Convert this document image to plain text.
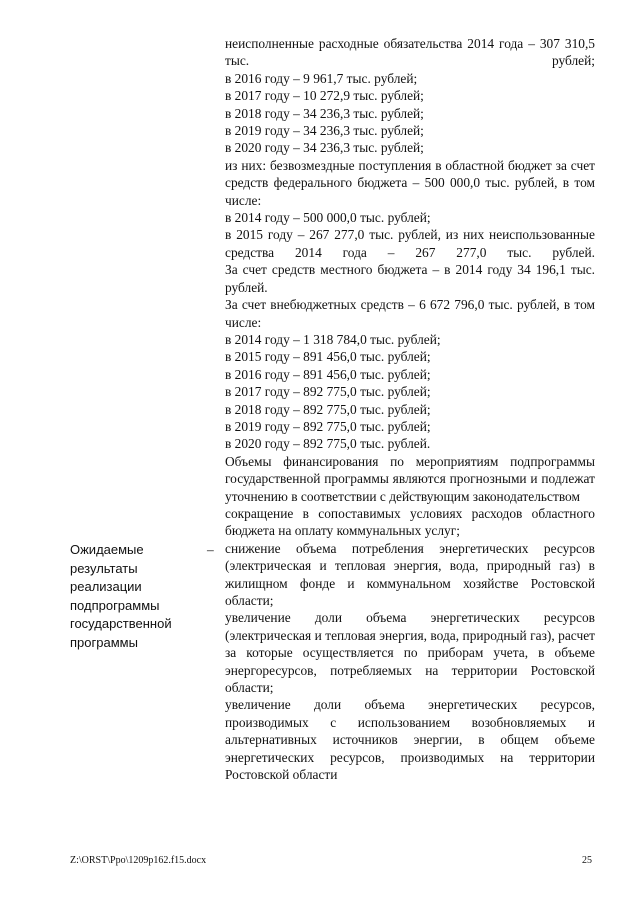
неисполненные расходные обязательства 2014 года – 307 310,5 тыс. рублей;

в 2016 году – 9 961,7 тыс. рублей;
в 2017 году – 10 272,9 тыс. рублей;
в 2018 году – 34 236,3 тыс. рублей;
в 2019 году – 34 236,3 тыс. рублей;
в 2020 году – 34 236,3 тыс. рублей;

из них: безвозмездные поступления в областной бюджет за счет средств федерального бюджета – 500 000,0 тыс. рублей, в том числе:

в 2014 году – 500 000,0 тыс. рублей;

в 2015 году – 267 277,0 тыс. рублей, из них неиспользованные средства 2014 года – 267 277,0 тыс. рублей.

За счет средств местного бюджета – в 2014 году 34 196,1 тыс. рублей.

За счет внебюджетных средств – 6 672 796,0 тыс. рублей, в том числе:

в 2014 году – 1 318 784,0 тыс. рублей;
в 2015 году – 891 456,0 тыс. рублей;
в 2016 году – 891 456,0 тыс. рублей;
в 2017 году – 892 775,0 тыс. рублей;
в 2018 году – 892 775,0 тыс. рублей;
в 2019 году – 892 775,0 тыс. рублей;
в 2020 году – 892 775,0 тыс. рублей.

Объемы финансирования по мероприятиям подпрограммы государственной программы являются прогнозными и подлежат уточнению в соответствии с действующим законодательством

сокращение в сопоставимых условиях расходов областного бюджета на оплату коммунальных услуг;

снижение объема потребления энергетических ресурсов (электрическая и тепловая энергия, вода, природный газ) в жилищном фонде и коммунальном хозяйстве Ростовской области;

увеличение доли объема энергетических ресурсов (электрическая и тепловая энергия, вода, природный газ), расчет за которые осуществляется по приборам учета, в объеме энергоресурсов, потребляемых на территории Ростовской области;

увеличение доли объема энергетических ресурсов, производимых с использованием возобновляемых и альтернативных источников энергии, в общем объеме энергетических ресурсов, производимых на территории Ростовской области

Ожидаемые
результаты
реализации
подпрограммы
государственной
программы
–
Z:\ORST\Ppo\1209p162.f15.docx	25
